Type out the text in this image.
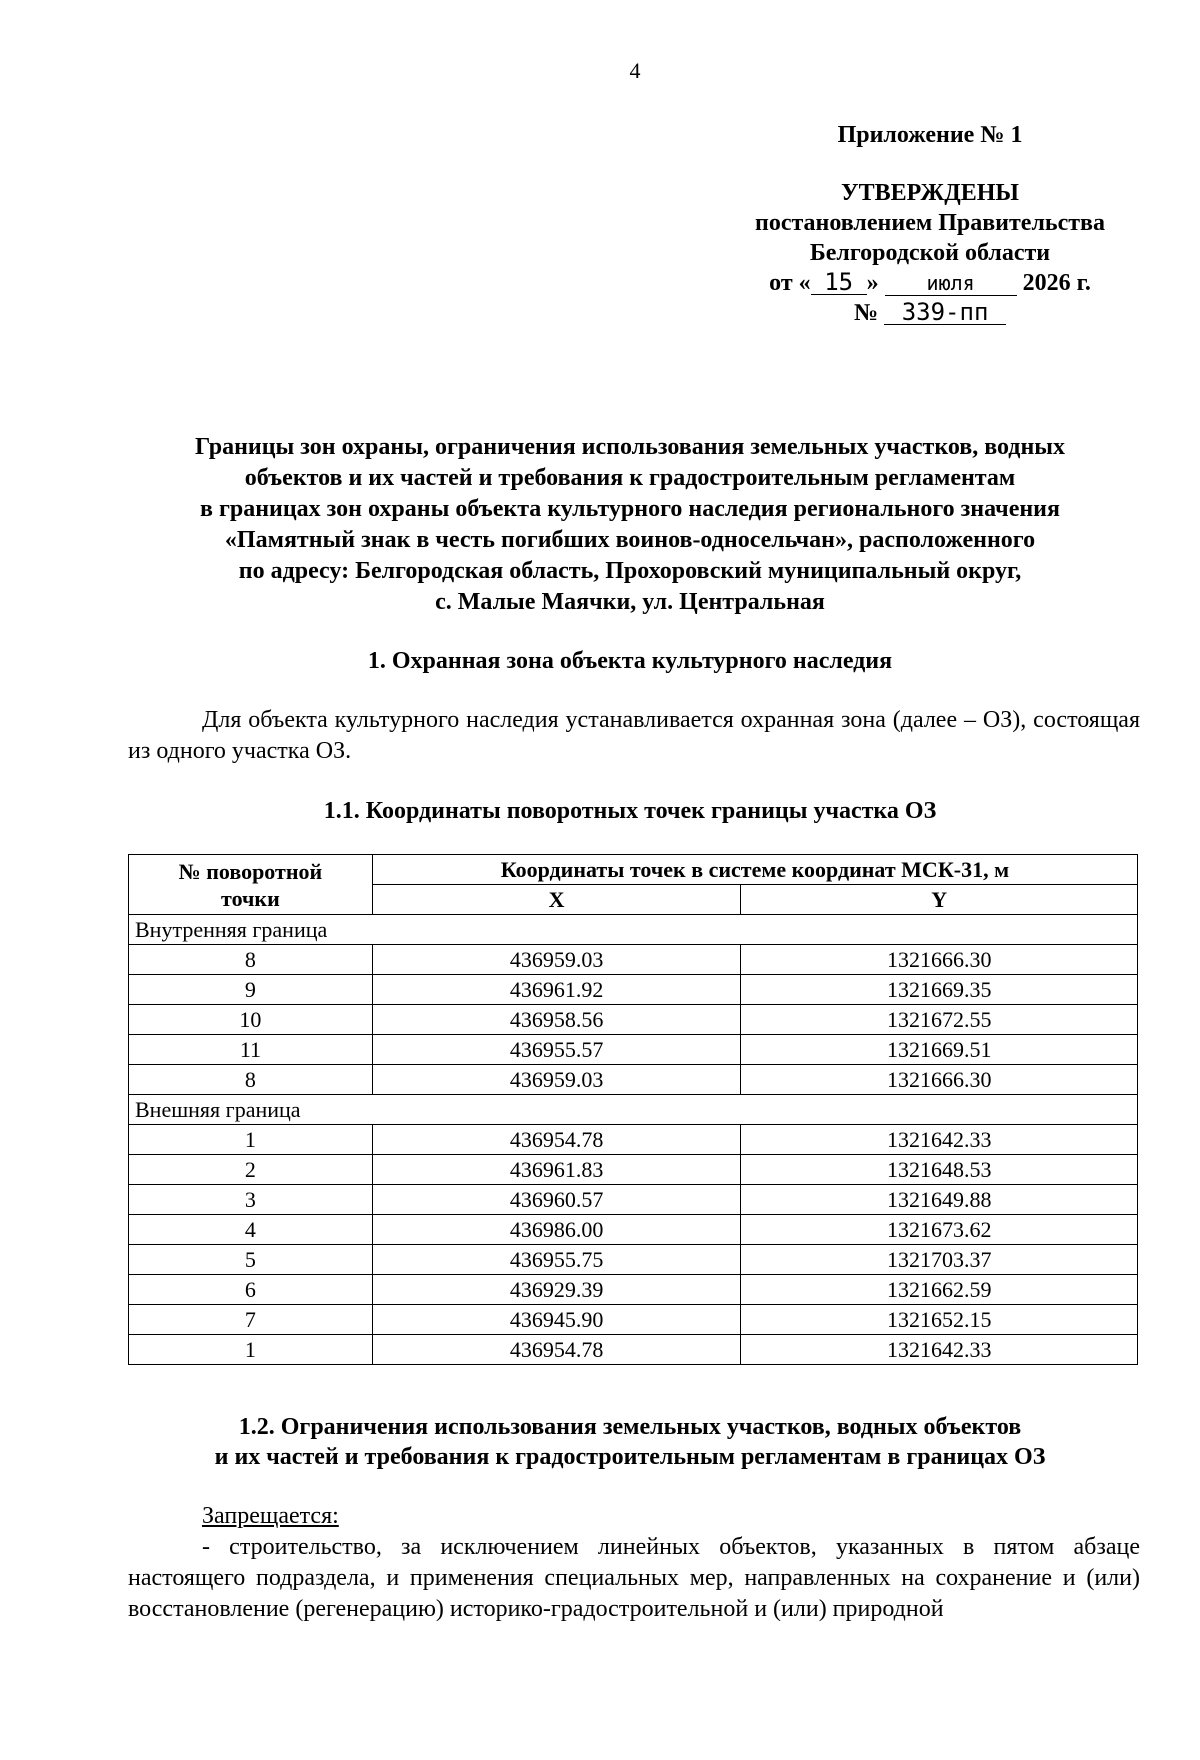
4
Приложение № 1
УТВЕРЖДЕНЫ
постановлением Правительства
Белгородской области
от « 15 » июля 2026 г.
№ 339-пп
Границы зон охраны, ограничения использования земельных участков, водных
объектов и их частей и требования к градостроительным регламентам
в границах зон охраны объекта культурного наследия регионального значения
«Памятный знак в честь погибших воинов-односельчан», расположенного
по адресу: Белгородская область, Прохоровский муниципальный округ,
с. Малые Маячки, ул. Центральная
1. Охранная зона объекта культурного наследия
Для объекта культурного наследия устанавливается охранная зона (далее – ОЗ), состоящая из одного участка ОЗ.
1.1. Координаты поворотных точек границы участка ОЗ
№ поворотной
точки	Координаты точек в системе координат МСК-31, м	
	X	Y
Внутренняя граница		
8	436959.03	1321666.30
9	436961.92	1321669.35
10	436958.56	1321672.55
11	436955.57	1321669.51
8	436959.03	1321666.30
Внешняя граница		
1	436954.78	1321642.33
2	436961.83	1321648.53
3	436960.57	1321649.88
4	436986.00	1321673.62
5	436955.75	1321703.37
6	436929.39	1321662.59
7	436945.90	1321652.15
1	436954.78	1321642.33
1.2. Ограничения использования земельных участков, водных объектов
и их частей и требования к градостроительным регламентам в границах ОЗ
Запрещается:
- строительство, за исключением линейных объектов, указанных в пятом абзаце настоящего подраздела, и применения специальных мер, направленных на сохранение и (или) восстановление (регенерацию) историко-градостроительной и (или) природной
